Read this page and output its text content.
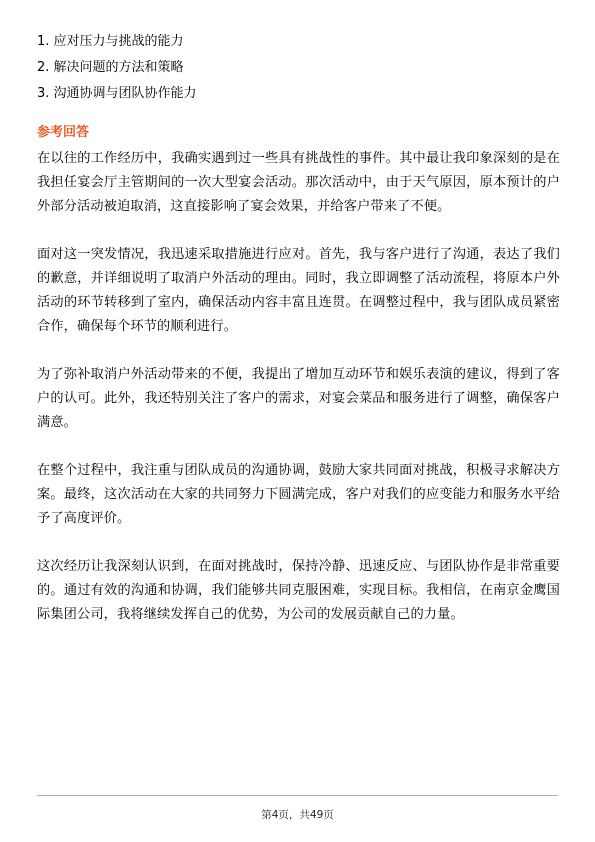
1. 应对压力与挑战的能力
2. 解决问题的方法和策略
3. 沟通协调与团队协作能力
参考回答

在以往的工作经历中，我确实遇到过一些具有挑战性的事件。其中最让我印象深刻的是在我担任宴会厅主管期间的一次大型宴会活动。那次活动中，由于天气原因，原本预计的户外部分活动被迫取消，这直接影响了宴会效果，并给客户带来了不便。

面对这一突发情况，我迅速采取措施进行应对。首先，我与客户进行了沟通，表达了我们的歉意，并详细说明了取消户外活动的理由。同时，我立即调整了活动流程，将原本户外活动的环节转移到了室内，确保活动内容丰富且连贯。在调整过程中，我与团队成员紧密合作，确保每个环节的顺利进行。

为了弥补取消户外活动带来的不便，我提出了增加互动环节和娱乐表演的建议，得到了客户的认可。此外，我还特别关注了客户的需求，对宴会菜品和服务进行了调整，确保客户满意。

在整个过程中，我注重与团队成员的沟通协调，鼓励大家共同面对挑战，积极寻求解决方案。最终，这次活动在大家的共同努力下圆满完成，客户对我们的应变能力和服务水平给予了高度评价。

这次经历让我深刻认识到，在面对挑战时，保持冷静、迅速反应、与团队协作是非常重要的。通过有效的沟通和协调，我们能够共同克服困难，实现目标。我相信，在南京金鹰国际集团公司，我将继续发挥自己的优势，为公司的发展贡献自己的力量。

第4页，共49页
